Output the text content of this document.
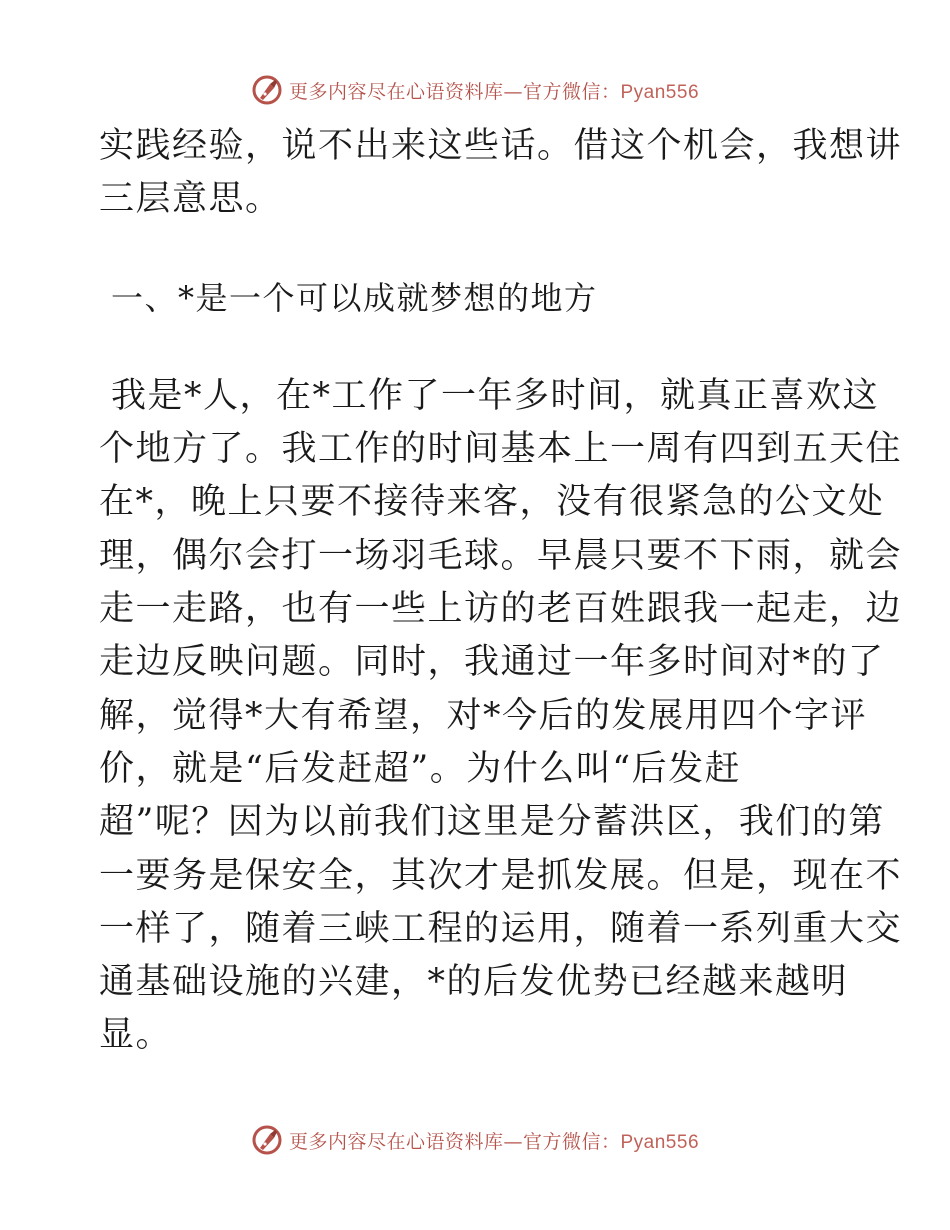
更多内容尽在心语资料库—官方微信：Pyan556
实践经验，说不出来这些话。借这个机会，我想讲
三层意思。
一、*是一个可以成就梦想的地方
我是*人，在*工作了一年多时间，就真正喜欢这
个地方了。我工作的时间基本上一周有四到五天住
在*，晚上只要不接待来客，没有很紧急的公文处
理，偶尔会打一场羽毛球。早晨只要不下雨，就会
走一走路，也有一些上访的老百姓跟我一起走，边
走边反映问题。同时，我通过一年多时间对*的了
解，觉得*大有希望，对*今后的发展用四个字评
价，就是“后发赶超”。为什么叫“后发赶
超”呢？因为以前我们这里是分蓄洪区，我们的第
一要务是保安全，其次才是抓发展。但是，现在不
一样了，随着三峡工程的运用，随着一系列重大交
通基础设施的兴建，*的后发优势已经越来越明
显。
更多内容尽在心语资料库—官方微信：Pyan556
